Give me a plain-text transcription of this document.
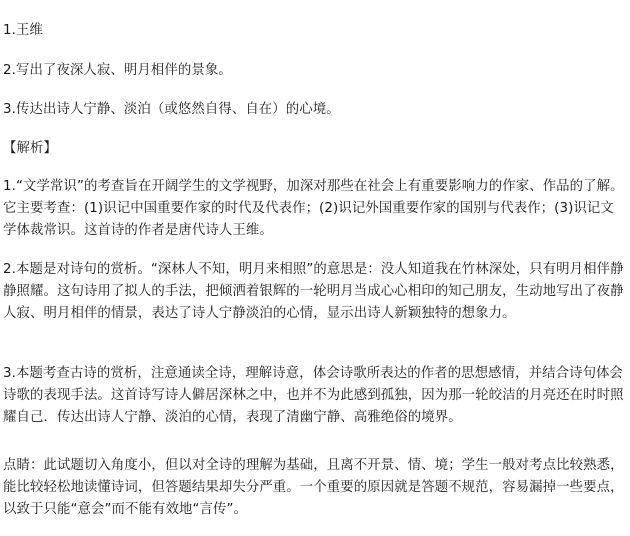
1.王维
2.写出了夜深人寂、明月相伴的景象。
3.传达出诗人宁静、淡泊（或悠然自得、自在）的心境。
【解析】
1.“文学常识”的考查旨在开阔学生的文学视野，加深对那些在社会上有重要影响力的作家、作品的了解。它主要考查：(1)识记中国重要作家的时代及代表作；(2)识记外国重要作家的国别与代表作；(3)识记文学体裁常识。这首诗的作者是唐代诗人王维。
2.本题是对诗句的赏析。“深林人不知，明月来相照”的意思是：没人知道我在竹林深处，只有明月相伴静静照耀。这句诗用了拟人的手法，把倾洒着银辉的一轮明月当成心心相印的知己朋友，生动地写出了夜静人寂、明月相伴的情景，表达了诗人宁静淡泊的心情，显示出诗人新颖独特的想象力。
3.本题考查古诗的赏析，注意通读全诗，理解诗意，体会诗歌所表达的作者的思想感情，并结合诗句体会诗歌的表现手法。这首诗写诗人僻居深林之中，也并不为此感到孤独，因为那一轮皎洁的月亮还在时时照耀自己．传达出诗人宁静、淡泊的心情，表现了清幽宁静、高雅绝俗的境界。
点睛：此试题切入角度小，但以对全诗的理解为基础，且离不开景、情、境；学生一般对考点比较熟悉，能比较轻松地读懂诗词，但答题结果却失分严重。一个重要的原因就是答题不规范，容易漏掉一些要点，以致于只能“意会”而不能有效地“言传”。
